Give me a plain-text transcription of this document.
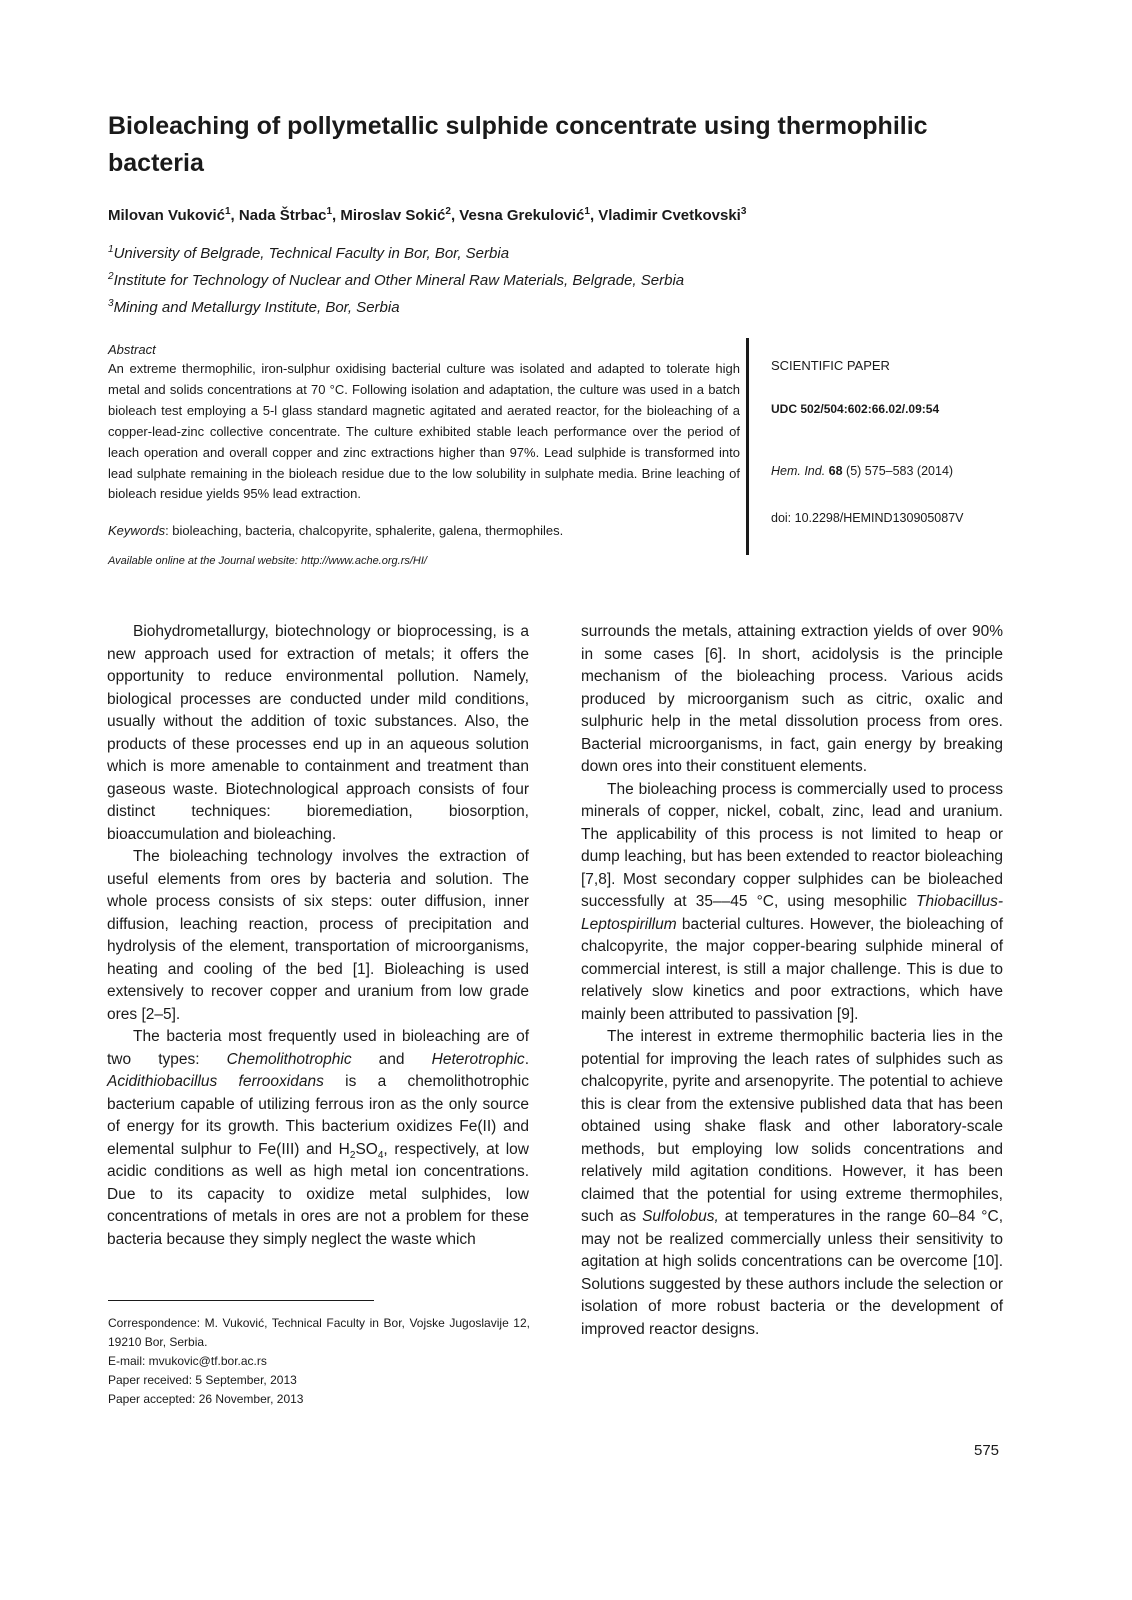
Bioleaching of pollymetallic sulphide concentrate using thermophilic bacteria
Milovan Vuković$^1$, Nada Štrbac$^1$, Miroslav Sokić$^2$, Vesna Grekulović$^1$, Vladimir Cvetkovski$^3$
$^1$University of Belgrade, Technical Faculty in Bor, Bor, Serbia
$^2$Institute for Technology of Nuclear and Other Mineral Raw Materials, Belgrade, Serbia
$^3$Mining and Metallurgy Institute, Bor, Serbia
Abstract

An extreme thermophilic, iron-sulphur oxidising bacterial culture was isolated and adapted to tolerate high metal and solids concentrations at 70 °C. Following isolation and adaptation, the culture was used in a batch bioleach test employing a 5-l glass standard magnetic agitated and aerated reactor, for the bioleaching of a copper-lead-zinc collective concentrate. The culture exhibited stable leach performance over the period of leach operation and overall copper and zinc extractions higher than 97%. Lead sulphide is transformed into lead sulphate remaining in the bioleach residue due to the low solubility in sulphate media. Brine leaching of bioleach residue yields 95% lead extraction.

Keywords: bioleaching, bacteria, chalcopyrite, sphalerite, galena, thermophiles.
Available online at the Journal website: http://www.ache.org.rs/HI/
SCIENTIFIC PAPER
UDC 502/504:602:66.02/.09:54
Hem. Ind. 68 (5) 575–583 (2014)
doi: 10.2298/HEMIND130905087V

Biohydrometallurgy, biotechnology or bioprocessing, is a new approach used for extraction of metals; it offers the opportunity to reduce environmental pollution. Namely, biological processes are conducted under mild conditions, usually without the addition of toxic substances. Also, the products of these processes end up in an aqueous solution which is more amenable to containment and treatment than gaseous waste. Biotechnological approach consists of four distinct techniques: bioremediation, biosorption, bioaccumulation and bioleaching.

The bioleaching technology involves the extraction of useful elements from ores by bacteria and solution. The whole process consists of six steps: outer diffusion, inner diffusion, leaching reaction, process of precipitation and hydrolysis of the element, transportation of microorganisms, heating and cooling of the bed [1]. Bioleaching is used extensively to recover copper and uranium from low grade ores [2–5].

The bacteria most frequently used in bioleaching are of two types: Chemolithotrophic and Heterotrophic. Acidithiobacillus ferrooxidans is a chemolithotrophic bacterium capable of utilizing ferrous iron as the only source of energy for its growth. This bacterium oxidizes Fe(II) and elemental sulphur to Fe(III) and $H_2SO_4$, respectively, at low acidic conditions as well as high metal ion concentrations. Due to its capacity to oxidize metal sulphides, low concentrations of metals in ores are not a problem for these bacteria because they simply neglect the waste which

surrounds the metals, attaining extraction yields of over 90% in some cases [6]. In short, acidolysis is the principle mechanism of the bioleaching process. Various acids produced by microorganism such as citric, oxalic and sulphuric help in the metal dissolution process from ores. Bacterial microorganisms, in fact, gain energy by breaking down ores into their constituent elements.

The bioleaching process is commercially used to process minerals of copper, nickel, cobalt, zinc, lead and uranium. The applicability of this process is not limited to heap or dump leaching, but has been extended to reactor bioleaching [7,8]. Most secondary copper sulphides can be bioleached successfully at 35––45 °C, using mesophilic Thiobacillus-Leptospirillum bacterial cultures. However, the bioleaching of chalcopyrite, the major copper-bearing sulphide mineral of commercial interest, is still a major challenge. This is due to relatively slow kinetics and poor extractions, which have mainly been attributed to passivation [9].

The interest in extreme thermophilic bacteria lies in the potential for improving the leach rates of sulphides such as chalcopyrite, pyrite and arsenopyrite. The potential to achieve this is clear from the extensive published data that has been obtained using shake flask and other laboratory-scale methods, but employing low solids concentrations and relatively mild agitation conditions. However, it has been claimed that the potential for using extreme thermophiles, such as Sulfolobus, at temperatures in the range 60–84 °C, may not be realized commercially unless their sensitivity to agitation at high solids concentrations can be overcome [10]. Solutions suggested by these authors include the selection or isolation of more robust bacteria or the development of improved reactor designs.

Correspondence: M. Vuković, Technical Faculty in Bor, Vojske Jugoslavije 12, 19210 Bor, Serbia.
E-mail: mvukovic@tf.bor.ac.rs
Paper received: 5 September, 2013
Paper accepted: 26 November, 2013
575
